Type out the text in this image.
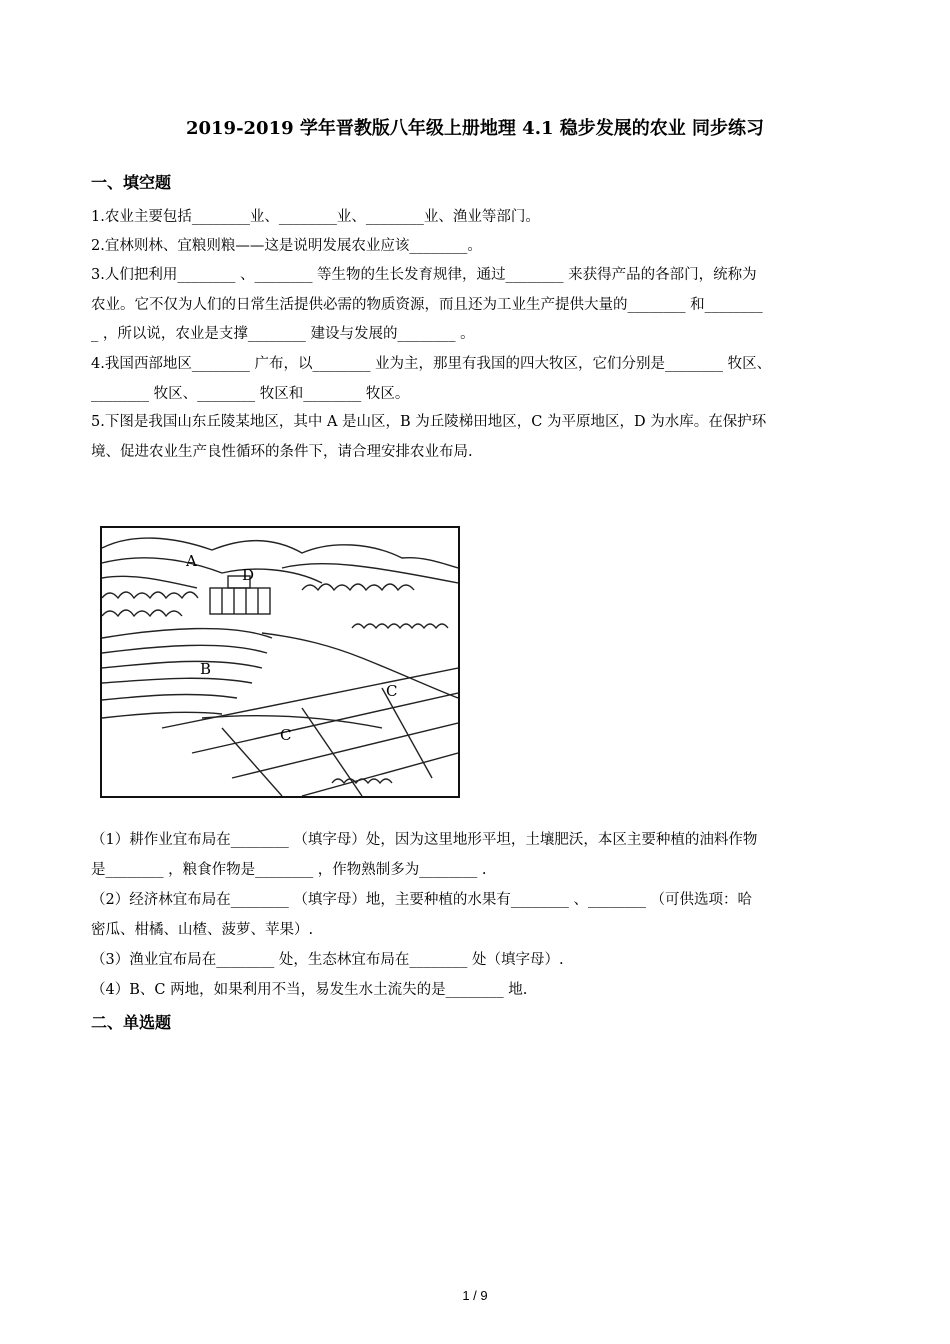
2019-2019 学年晋教版八年级上册地理 4.1 稳步发展的农业 同步练习
一、填空题
1.农业主要包括________业、________业、________业、渔业等部门。
2.宜林则林、宜粮则粮——这是说明发展农业应该________。
3.人们把利用________ 、________ 等生物的生长发育规律，通过________ 来获得产品的各部门，统称为
农业。它不仅为人们的日常生活提供必需的物质资源，而且还为工业生产提供大量的________ 和________
_ ，所以说，农业是支撑________ 建设与发展的________ 。
4.我国西部地区________ 广布，以________ 业为主，那里有我国的四大牧区，它们分别是________ 牧区、
________ 牧区、________ 牧区和________ 牧区。
5.下图是我国山东丘陵某地区，其中 A 是山区，B 为丘陵梯田地区，C 为平原地区，D 为水库。在保护环
境、促进农业生产良性循环的条件下，请合理安排农业布局.
A
D
B
C
C
（1）耕作业宜布局在________ （填字母）处，因为这里地形平坦，土壤肥沃，本区主要种植的油料作物
是________ ，粮食作物是________ ，作物熟制多为________ .
（2）经济林宜布局在________ （填字母）地，主要种植的水果有________ 、________ （可供选项：哈
密瓜、柑橘、山楂、菠萝、苹果）.
（3）渔业宜布局在________ 处，生态林宜布局在________ 处（填字母）.
（4）B、C 两地，如果利用不当，易发生水土流失的是________ 地.
二、单选题
1 / 9
